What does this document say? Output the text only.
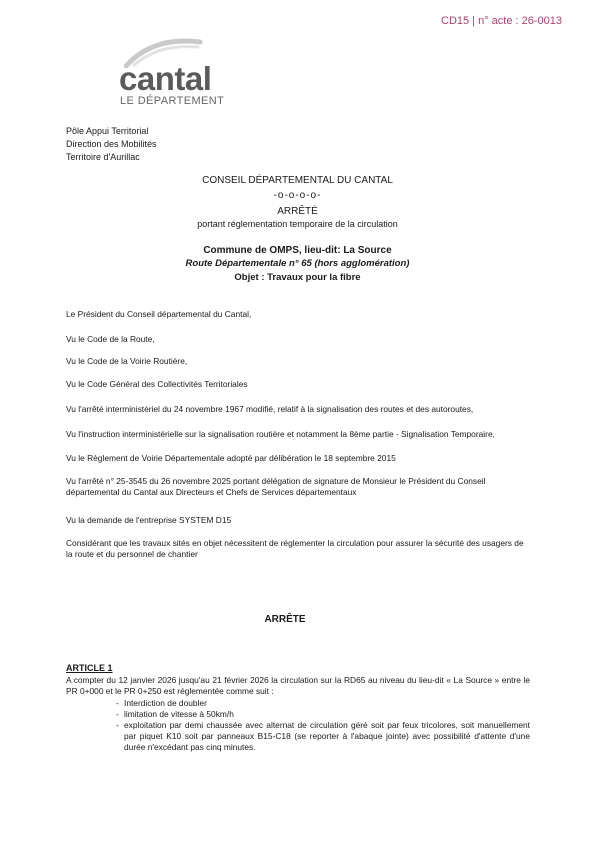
CD15 | n° acte : 26-0013
cantal
LE DÉPARTEMENT
Pôle Appui Territorial
Direction des Mobilités
Territoire d'Aurillac
CONSEIL DÉPARTEMENTAL DU CANTAL
-o-o-o-o-
ARRÊTÉ
portant réglementation temporaire de la circulation
Commune de OMPS, lieu-dit: La Source
Route Départementale n° 65 (hors agglomération)
Objet : Travaux pour la fibre
Le Président du Conseil départemental du Cantal,
Vu le Code de la Route,
Vu le Code de la Voirie Routière,
Vu le Code Général des Collectivités Territoriales
Vu l'arrêté interministériel du 24 novembre 1967 modifié, relatif à la signalisation des routes et des autoroutes,
Vu l'instruction interministérielle sur la signalisation routière et notamment la 8ème partie - Signalisation Temporaire,
Vu le Règlement de Voirie Départementale adopté par délibération le 18 septembre 2015
Vu l'arrêté n° 25-3545 du 26 novembre 2025 portant délégation de signature de Monsieur le Président du Conseil départemental du Cantal aux Directeurs et Chefs de Services départementaux
Vu la demande de l'entreprise SYSTEM D15
Considérant que les travaux sités en objet nécessitent de réglementer la circulation pour assurer la sécurité des usagers de la route et du personnel de chantier
ARRÊTE
ARTICLE 1
A compter du 12 janvier 2026 jusqu'au 21 février 2026 la circulation sur la RD65 au niveau du lieu-dit « La Source » entre le PR 0+000 et le PR 0+250 est réglementée comme suit :
- Interdiction de doubler
- limitation de vitesse à 50km/h
- exploitation par demi chaussée avec alternat de circulation géré soit par feux tricolores, soit manuellement par piquet K10 soit par panneaux B15-C18 (se reporter à l'abaque jointe) avec possibilité d'attente d'une durée n'excédant pas cinq minutes.
